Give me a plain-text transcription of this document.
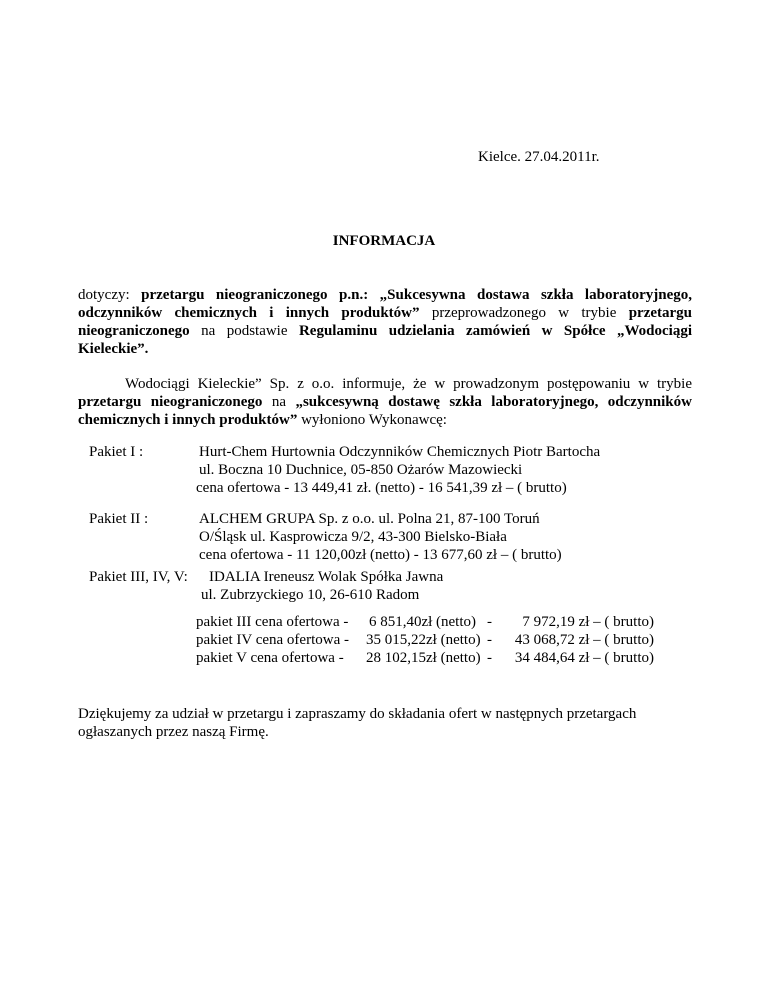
Kielce. 27.04.2011r.
INFORMACJA
dotyczy: przetargu nieograniczonego p.n.: „Sukcesywna dostawa szkła laboratoryjnego, odczynników chemicznych i innych produktów” przeprowadzonego w trybie przetargu nieograniczonego na podstawie Regulaminu udzielania zamówień w Spółce „Wodociągi Kieleckie”.
Wodociągi Kieleckie” Sp. z o.o. informuje, że w prowadzonym postępowaniu w trybie przetargu nieograniczonego na „sukcesywną dostawę szkła laboratoryjnego, odczynników chemicznych i innych produktów” wyłoniono Wykonawcę:
Pakiet I :	Hurt-Chem Hurtownia Odczynników Chemicznych Piotr Bartocha
ul. Boczna 10 Duchnice, 05-850 Ożarów Mazowiecki
cena ofertowa - 13 449,41 zł. (netto) - 16 541,39 zł – ( brutto)
Pakiet II :	ALCHEM GRUPA Sp. z o.o. ul. Polna 21, 87-100 Toruń
O/Śląsk ul. Kasprowicza 9/2, 43-300 Bielsko-Biała
cena ofertowa - 11 120,00zł (netto) - 13 677,60 zł – ( brutto)
Pakiet III, IV, V: IDALIA Ireneusz Wolak Spółka Jawna
ul. Zubrzyckiego 10, 26-610 Radom
pakiet III cena ofertowa - 6 851,40zł (netto) -	7 972,19 zł – ( brutto)
pakiet IV cena ofertowa - 35 015,22zł (netto) -	43 068,72 zł – ( brutto)
pakiet V cena ofertowa - 28 102,15zł (netto) -	34 484,64 zł – ( brutto)
Dziękujemy za udział w przetargu i zapraszamy do składania ofert w następnych przetargach ogłaszanych przez naszą Firmę.
